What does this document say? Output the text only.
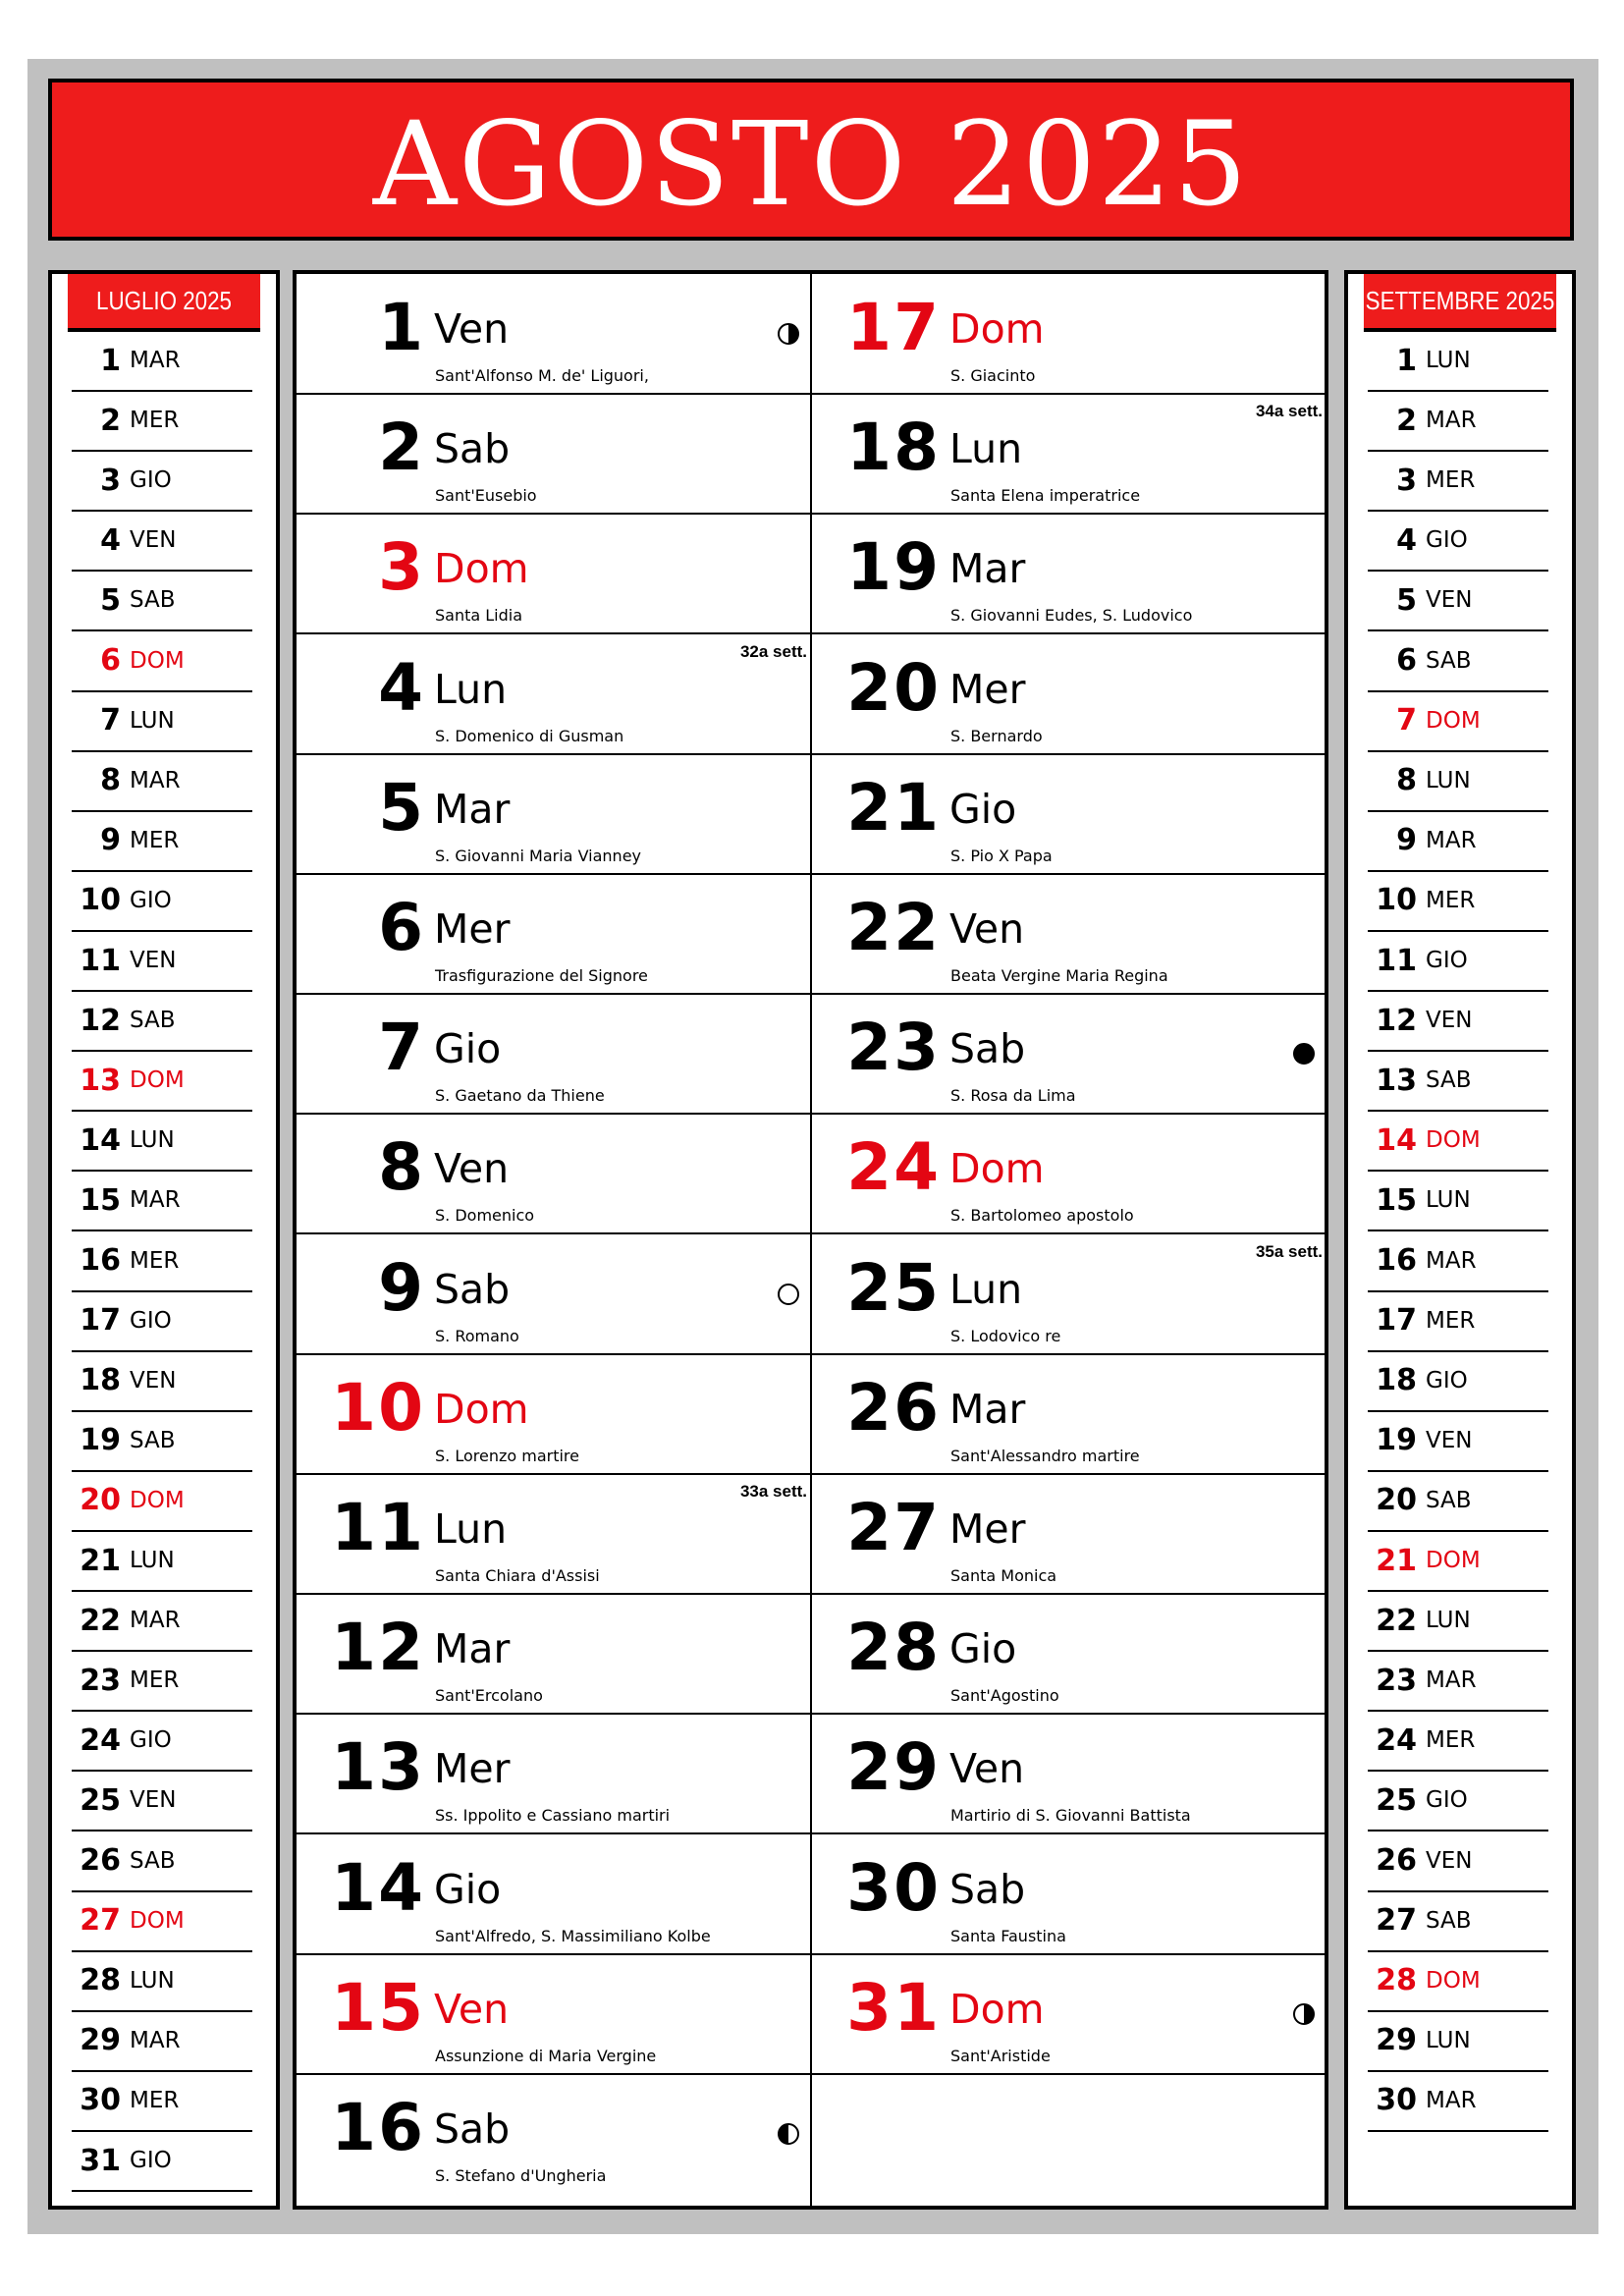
AGOSTO 2025
LUGLIO 2025
1 MAR
2 MER
3 GIO
4 VEN
5 SAB
6 DOM
7 LUN
8 MAR
9 MER
10 GIO
11 VEN
12 SAB
13 DOM
14 LUN
15 MAR
16 MER
17 GIO
18 VEN
19 SAB
20 DOM
21 LUN
22 MAR
23 MER
24 GIO
25 VEN
26 SAB
27 DOM
28 LUN
29 MAR
30 MER
31 GIO
1 Ven
Sant'Alfonso M. de' Liguori,
2 Sab
Sant'Eusebio
3 Dom
Santa Lidia
4 Lun
S. Domenico di Gusman
32a sett.
5 Mar
S. Giovanni Maria Vianney
6 Mer
Trasfigurazione del Signore
7 Gio
S. Gaetano da Thiene
8 Ven
S. Domenico
9 Sab
S. Romano
10 Dom
S. Lorenzo martire
11 Lun
Santa Chiara d'Assisi
33a sett.
12 Mar
Sant'Ercolano
13 Mer
Ss. Ippolito e Cassiano martiri
14 Gio
Sant'Alfredo, S. Massimiliano Kolbe
15 Ven
Assunzione di Maria Vergine
16 Sab
S. Stefano d'Ungheria
17 Dom
S. Giacinto
18 Lun
Santa Elena imperatrice
34a sett.
19 Mar
S. Giovanni Eudes, S. Ludovico
20 Mer
S. Bernardo
21 Gio
S. Pio X Papa
22 Ven
Beata Vergine Maria Regina
23 Sab
S. Rosa da Lima
24 Dom
S. Bartolomeo apostolo
25 Lun
S. Lodovico re
35a sett.
26 Mar
Sant'Alessandro martire
27 Mer
Santa Monica
28 Gio
Sant'Agostino
29 Ven
Martirio di S. Giovanni Battista
30 Sab
Santa Faustina
31 Dom
Sant'Aristide
SETTEMBRE 2025
1 LUN
2 MAR
3 MER
4 GIO
5 VEN
6 SAB
7 DOM
8 LUN
9 MAR
10 MER
11 GIO
12 VEN
13 SAB
14 DOM
15 LUN
16 MAR
17 MER
18 GIO
19 VEN
20 SAB
21 DOM
22 LUN
23 MAR
24 MER
25 GIO
26 VEN
27 SAB
28 DOM
29 LUN
30 MAR
